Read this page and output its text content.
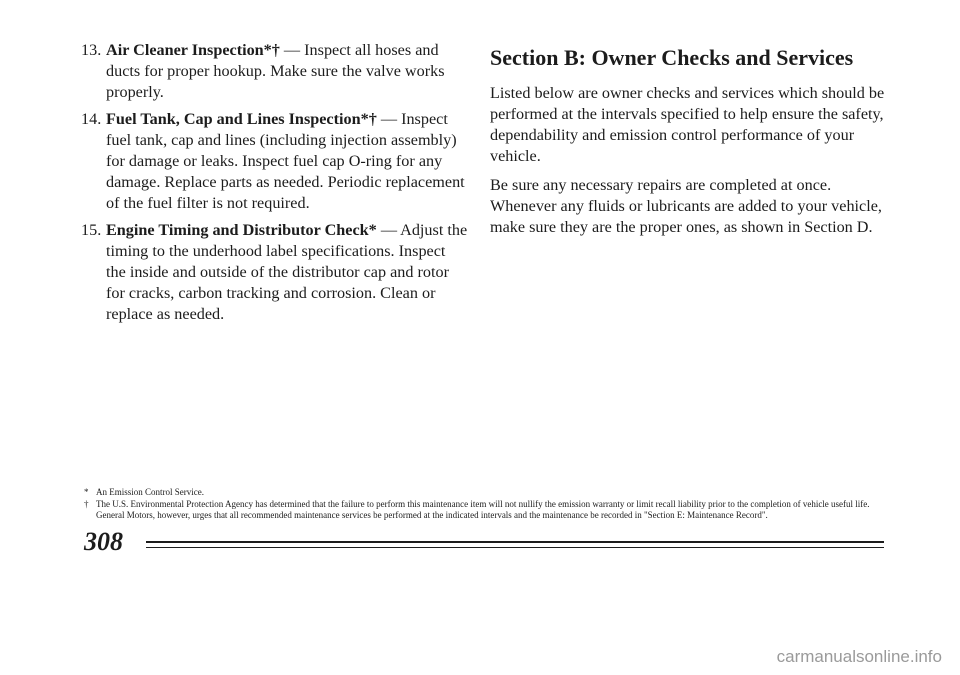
13. Air Cleaner Inspection*† — Inspect all hoses and ducts for proper hookup. Make sure the valve works properly.
14. Fuel Tank, Cap and Lines Inspection*† — Inspect fuel tank, cap and lines (including injection assembly) for damage or leaks. Inspect fuel cap O-ring for any damage. Replace parts as needed. Periodic replacement of the fuel filter is not required.
15. Engine Timing and Distributor Check* — Adjust the timing to the underhood label specifications. Inspect the inside and outside of the distributor cap and rotor for cracks, carbon tracking and corrosion. Clean or replace as needed.
Section B: Owner Checks and Services

Listed below are owner checks and services which should be performed at the intervals specified to help ensure the safety, dependability and emission control performance of your vehicle.

Be sure any necessary repairs are completed at once. Whenever any fluids or lubricants are added to your vehicle, make sure they are the proper ones, as shown in Section D.

* An Emission Control Service.
† The U.S. Environmental Protection Agency has determined that the failure to perform this maintenance item will not nullify the emission warranty or limit recall liability prior to the completion of vehicle useful life. General Motors, however, urges that all recommended maintenance services be performed at the indicated intervals and the maintenance be recorded in "Section E: Maintenance Record".
308
carmanualsonline.info
